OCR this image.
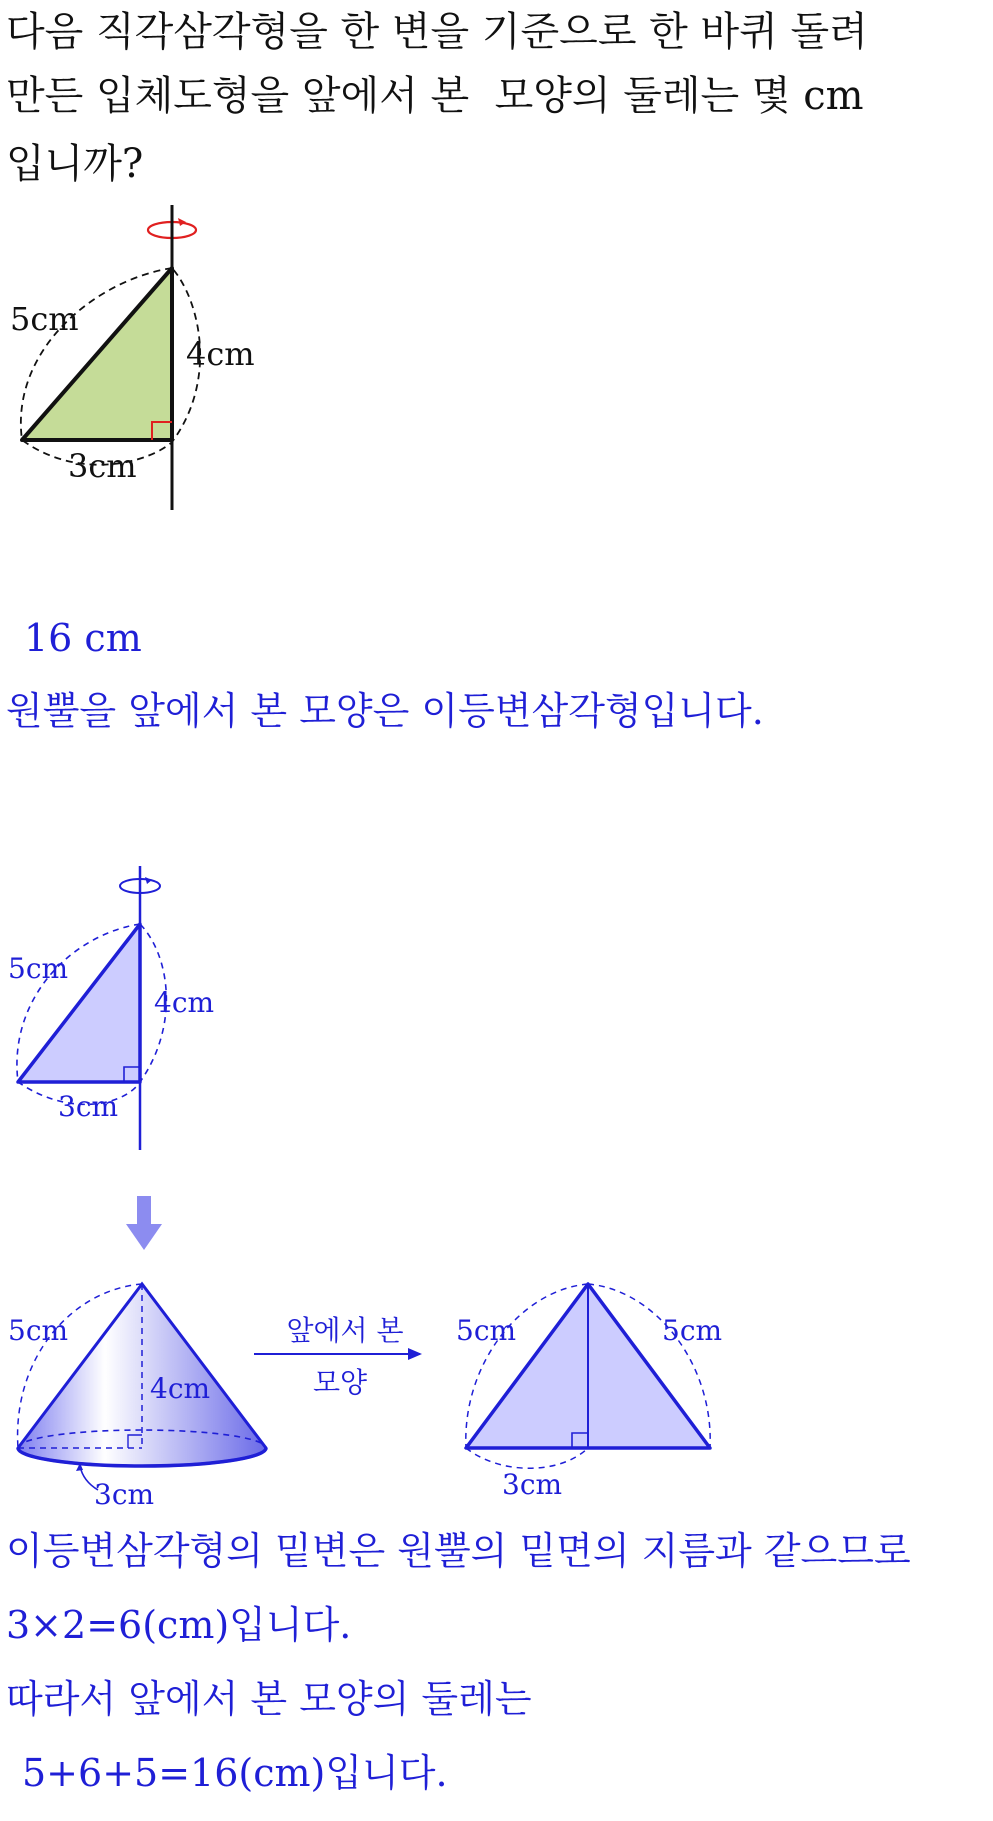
다음 직각삼각형을 한 변을 기준으로 한 바퀴 돌려
만든 입체도형을 앞에서 본  모양의 둘레는 몇 cm
입니까?
5cm
4cm
3cm
16 cm
원뿔을 앞에서 본 모양은 이등변삼각형입니다.
5cm
4cm
3cm
5cm
4cm
3cm
앞에서 본
모양
5cm	5cm
3cm
이등변삼각형의 밑변은 원뿔의 밑면의 지름과 같으므로
3×2=6(cm)입니다.
따라서 앞에서 본 모양의 둘레는
5+6+5=16(cm)입니다.
